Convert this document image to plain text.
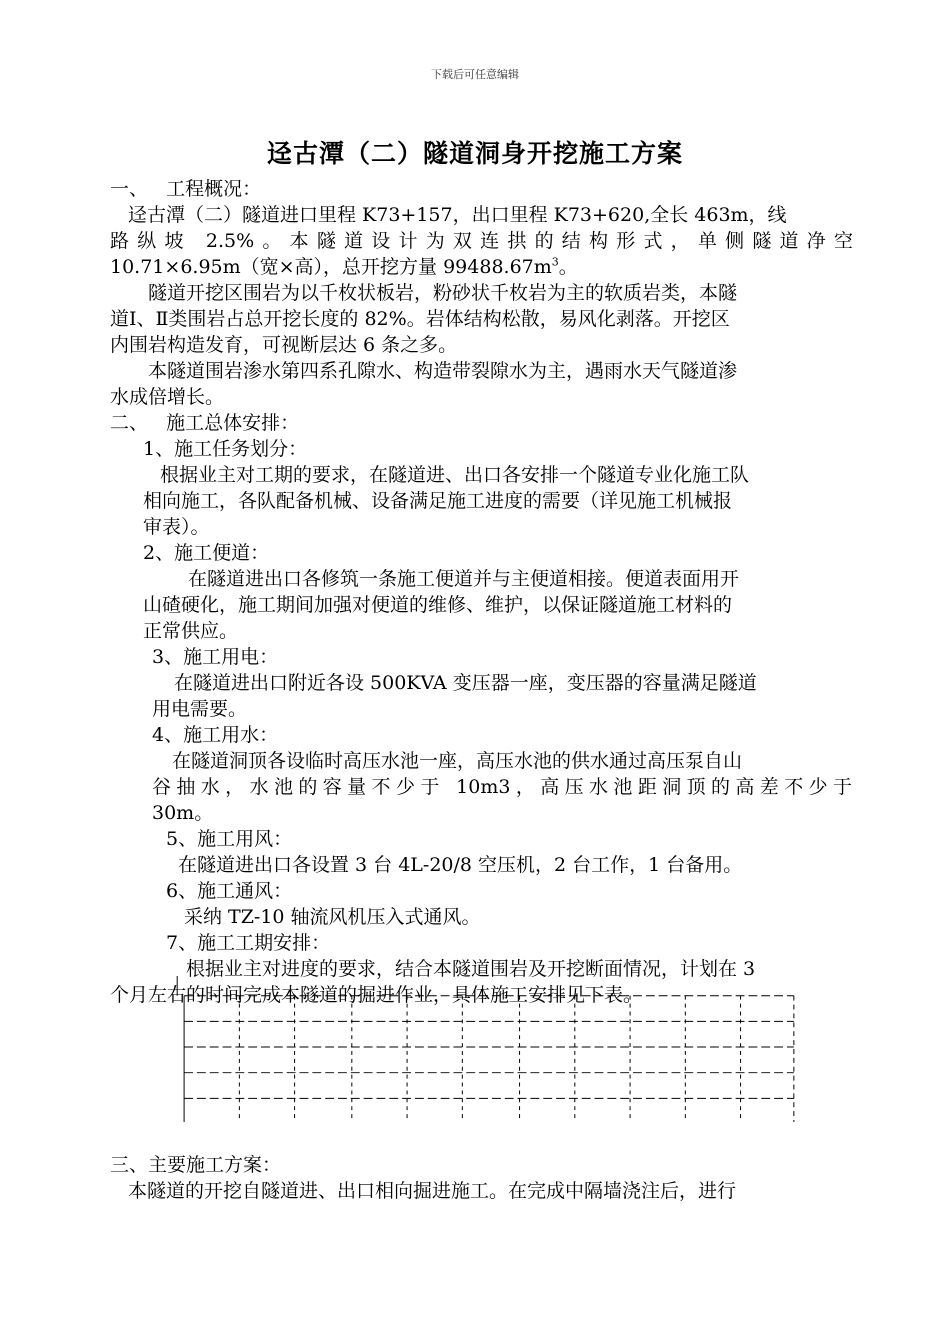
下载后可任意编辑
迳古潭（二）隧道洞身开挖施工方案
一、   工程概况：
迳古潭（二）隧道进口里程 K73+157，出口里程 K73+620,全长 463m，线
路纵坡 2.5%。本隧道设计为双连拱的结构形式，单侧隧道净空
10.71×6.95m（宽×高），总开挖方量 $99488.67m^3$。
隧道开挖区围岩为以千枚状板岩，粉砂状千枚岩为主的软质岩类，本隧
道Ⅰ、Ⅱ类围岩占总开挖长度的 82%。岩体结构松散，易风化剥落。开挖区
内围岩构造发育，可视断层达 6 条之多。
本隧道围岩渗水第四系孔隙水、构造带裂隙水为主，遇雨水天气隧道渗
水成倍增长。
二、   施工总体安排：
1、施工任务划分：
根据业主对工期的要求，在隧道进、出口各安排一个隧道专业化施工队
相向施工，各队配备机械、设备满足施工进度的需要（详见施工机械报
审表）。
2、施工便道：
在隧道进出口各修筑一条施工便道并与主便道相接。便道表面用开
山碴硬化，施工期间加强对便道的维修、维护，以保证隧道施工材料的
正常供应。
3、施工用电：
在隧道进出口附近各设 500KVA 变压器一座，变压器的容量满足隧道
用电需要。
4、施工用水：
在隧道洞顶各设临时高压水池一座，高压水池的供水通过高压泵自山
谷抽水，水池的容量不少于 10m3，高压水池距洞顶的高差不少于
30m。
5、施工用风：
在隧道进出口各设置 3 台 4L-20/8 空压机，2 台工作，1 台备用。
6、施工通风：
采纳 TZ-10 轴流风机压入式通风。
7、施工工期安排：
根据业主对进度的要求，结合本隧道围岩及开挖断面情况，计划在 3
个月左右的时间完成本隧道的掘进作业，具体施工安排见下表。
三、主要施工方案：
本隧道的开挖自隧道进、出口相向掘进施工。在完成中隔墙浇注后，进行
